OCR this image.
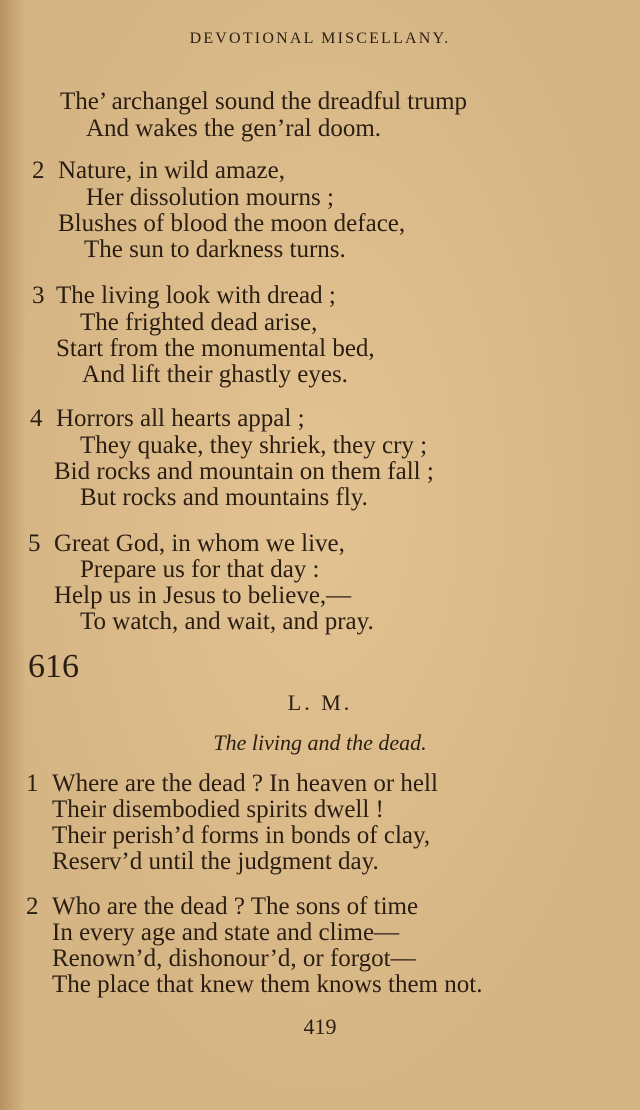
DEVOTIONAL MISCELLANY.
The’ archangel sound the dreadful trump
And wakes the gen’ral doom.
2 Nature, in wild amaze,
Her dissolution mourns ;
Blushes of blood the moon deface,
The sun to darkness turns.
3 The living look with dread ;
The frighted dead arise,
Start from the monumental bed,
And lift their ghastly eyes.
4 Horrors all hearts appal ;
They quake, they shriek, they cry ;
Bid rocks and mountain on them fall ;
But rocks and mountains fly.
5 Great God, in whom we live,
Prepare us for that day :
Help us in Jesus to believe,—
To watch, and wait, and pray.
616
L. M.
The living and the dead.
1 Where are the dead ? In heaven or hell
Their disembodied spirits dwell !
Their perish’d forms in bonds of clay,
Reserv’d until the judgment day.
2 Who are the dead ? The sons of time
In every age and state and clime—
Renown’d, dishonour’d, or forgot—
The place that knew them knows them not.
419
